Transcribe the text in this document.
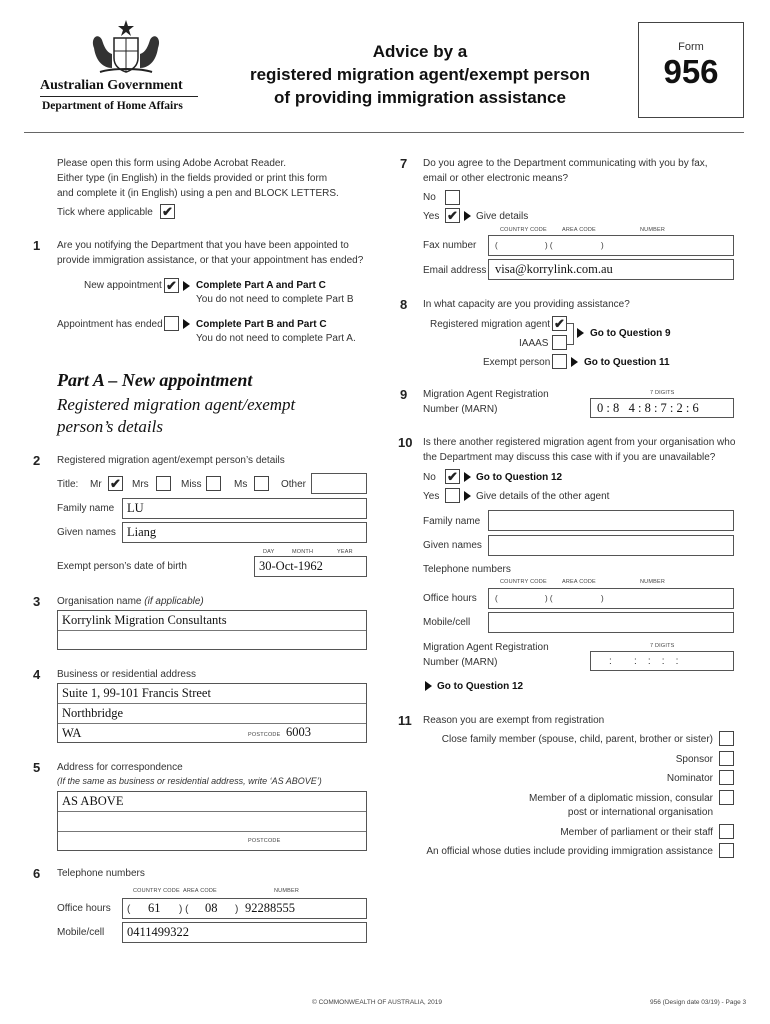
Australian Government
Department of Home Affairs
Advice by a
registered migration agent/exempt person
of providing immigration assistance
Form
956
Please open this form using Adobe Acrobat Reader.
Either type (in English) in the fields provided or print this form
and complete it (in English) using a pen and BLOCK LETTERS.
Tick where applicable ✔
1 Are you notifying the Department that you have been appointed to
provide immigration assistance, or that your appointment has ended?
New appointment ✔ Complete Part A and Part C
You do not need to complete Part B
Appointment has ended	Complete Part B and Part C
You do not need to complete Part A.
Part A – New appointment
Registered migration agent/exempt
person’s details
2 Registered migration agent/exempt person’s details
Title: Mr ✔ Mrs	Miss	Ms	Other
Family name LU
Given names Liang
DAY	MONTH	YEAR
Exempt person’s date of birth	30-Oct-1962
3 Organisation name (if applicable)
Korrylink Migration Consultants
4 Business or residential address
Suite 1, 99-101 Francis Street
Northbridge
WA	POSTCODE 6003
5 Address for correspondence
(If the same as business or residential address, write ‘AS ABOVE’)
AS ABOVE
POSTCODE
6 Telephone numbers
COUNTRY CODE AREA CODE	NUMBER
Office hours ( 61 ) ( 08 ) 92288555
Mobile/cell 0411499322
7 Do you agree to the Department communicating with you by fax,
email or other electronic means?
No
Yes ✔ Give details
COUNTRY CODE	AREA CODE	NUMBER
Fax number (	) (	)
Email address visa@korrylink.com.au
8 In what capacity are you providing assistance?
Registered migration agent ✔
IAAAS
Go to Question 9
Exempt person	Go to Question 11
9 Migration Agent Registration
Number (MARN)
7 DIGITS
0 : 8   4 : 8 : 7 : 2 : 6
10 Is there another registered migration agent from your organisation who
the Department may discuss this case with if you are unavailable?
No ✔ Go to Question 12
Yes	Give details of the other agent
Family name
Given names
Telephone numbers
COUNTRY CODE	AREA CODE	NUMBER
Office hours (	) (	)
Mobile/cell
Migration Agent Registration
Number (MARN)
7 DIGITS
:        :    :    :    :
Go to Question 12
11 Reason you are exempt from registration
Close family member (spouse, child, parent, brother or sister)
Sponsor
Nominator
Member of a diplomatic mission, consular
post or international organisation
Member of parliament or their staff
An official whose duties include providing immigration assistance
© COMMONWEALTH OF AUSTRALIA, 2019	956 (Design date 03/19) - Page 3
